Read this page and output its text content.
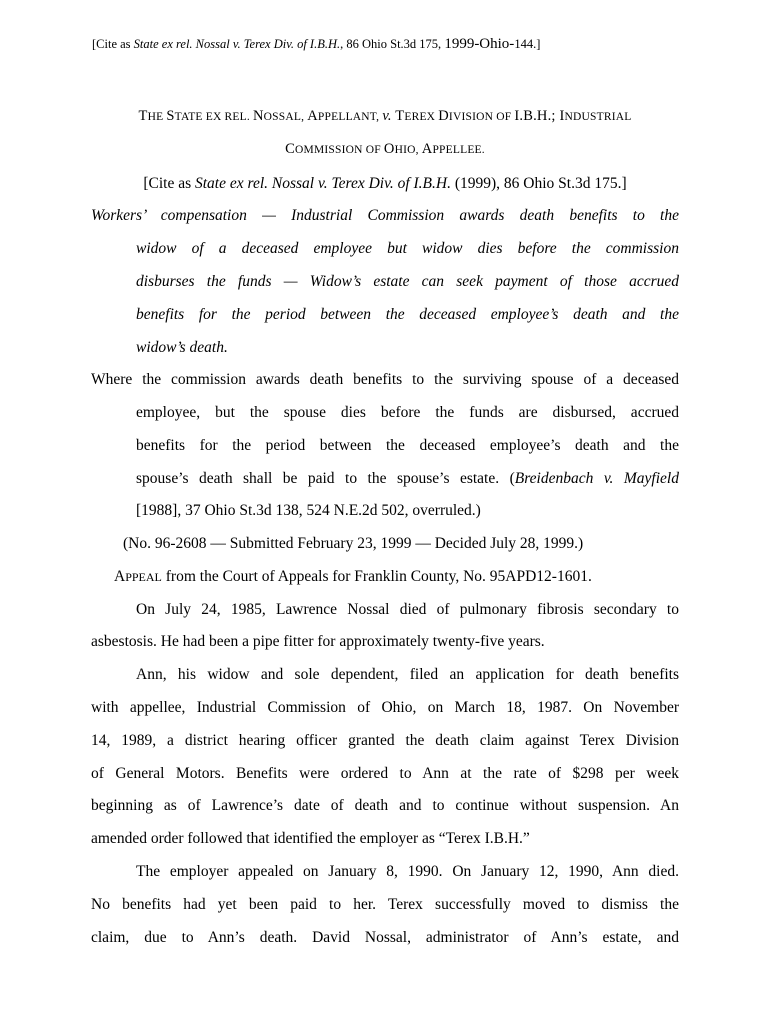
[Cite as State ex rel. Nossal v. Terex Div. of I.B.H., 86 Ohio St.3d 175, 1999-Ohio-144.]
THE STATE EX REL. NOSSAL, APPELLANT, v. TEREX DIVISION OF I.B.H.; INDUSTRIAL
COMMISSION OF OHIO, APPELLEE.
[Cite as State ex rel. Nossal v. Terex Div. of I.B.H. (1999), 86 Ohio St.3d 175.]
Workers’ compensation — Industrial Commission awards death benefits to the
widow of a deceased employee but widow dies before the commission
disburses the funds — Widow’s estate can seek payment of those accrued
benefits for the period between the deceased employee’s death and the
widow’s death.
Where the commission awards death benefits to the surviving spouse of a deceased
employee, but the spouse dies before the funds are disbursed, accrued
benefits for the period between the deceased employee’s death and the
spouse’s death shall be paid to the spouse’s estate. (Breidenbach v. Mayfield
[1988], 37 Ohio St.3d 138, 524 N.E.2d 502, overruled.)
(No. 96-2608 — Submitted February 23, 1999 — Decided July 28, 1999.)
APPEAL from the Court of Appeals for Franklin County, No. 95APD12-1601.
On July 24, 1985, Lawrence Nossal died of pulmonary fibrosis secondary to
asbestosis. He had been a pipe fitter for approximately twenty-five years.
Ann, his widow and sole dependent, filed an application for death benefits
with appellee, Industrial Commission of Ohio, on March 18, 1987. On November
14, 1989, a district hearing officer granted the death claim against Terex Division
of General Motors. Benefits were ordered to Ann at the rate of $298 per week
beginning as of Lawrence’s date of death and to continue without suspension. An
amended order followed that identified the employer as “Terex I.B.H.”
The employer appealed on January 8, 1990. On January 12, 1990, Ann died.
No benefits had yet been paid to her. Terex successfully moved to dismiss the
claim, due to Ann’s death. David Nossal, administrator of Ann’s estate, and
